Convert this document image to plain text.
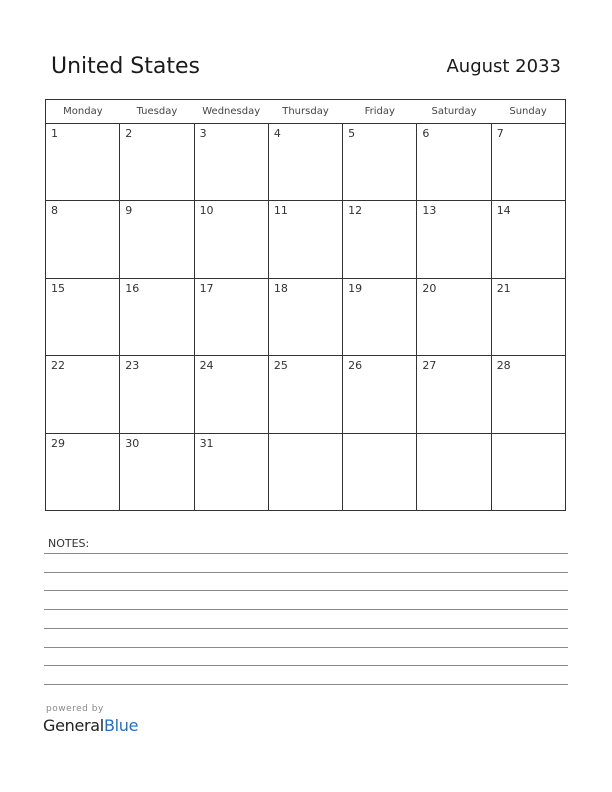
United States	August 2033
Monday	Tuesday	Wednesday	Thursday	Friday	Saturday	Sunday

1	2	3	4	5	6	7

8	9	10	11	12	13	14

15	16	17	18	19	20	21

22	23	24	25	26	27	28

29	30	31				

NOTES:
powered by
GeneralBlue
